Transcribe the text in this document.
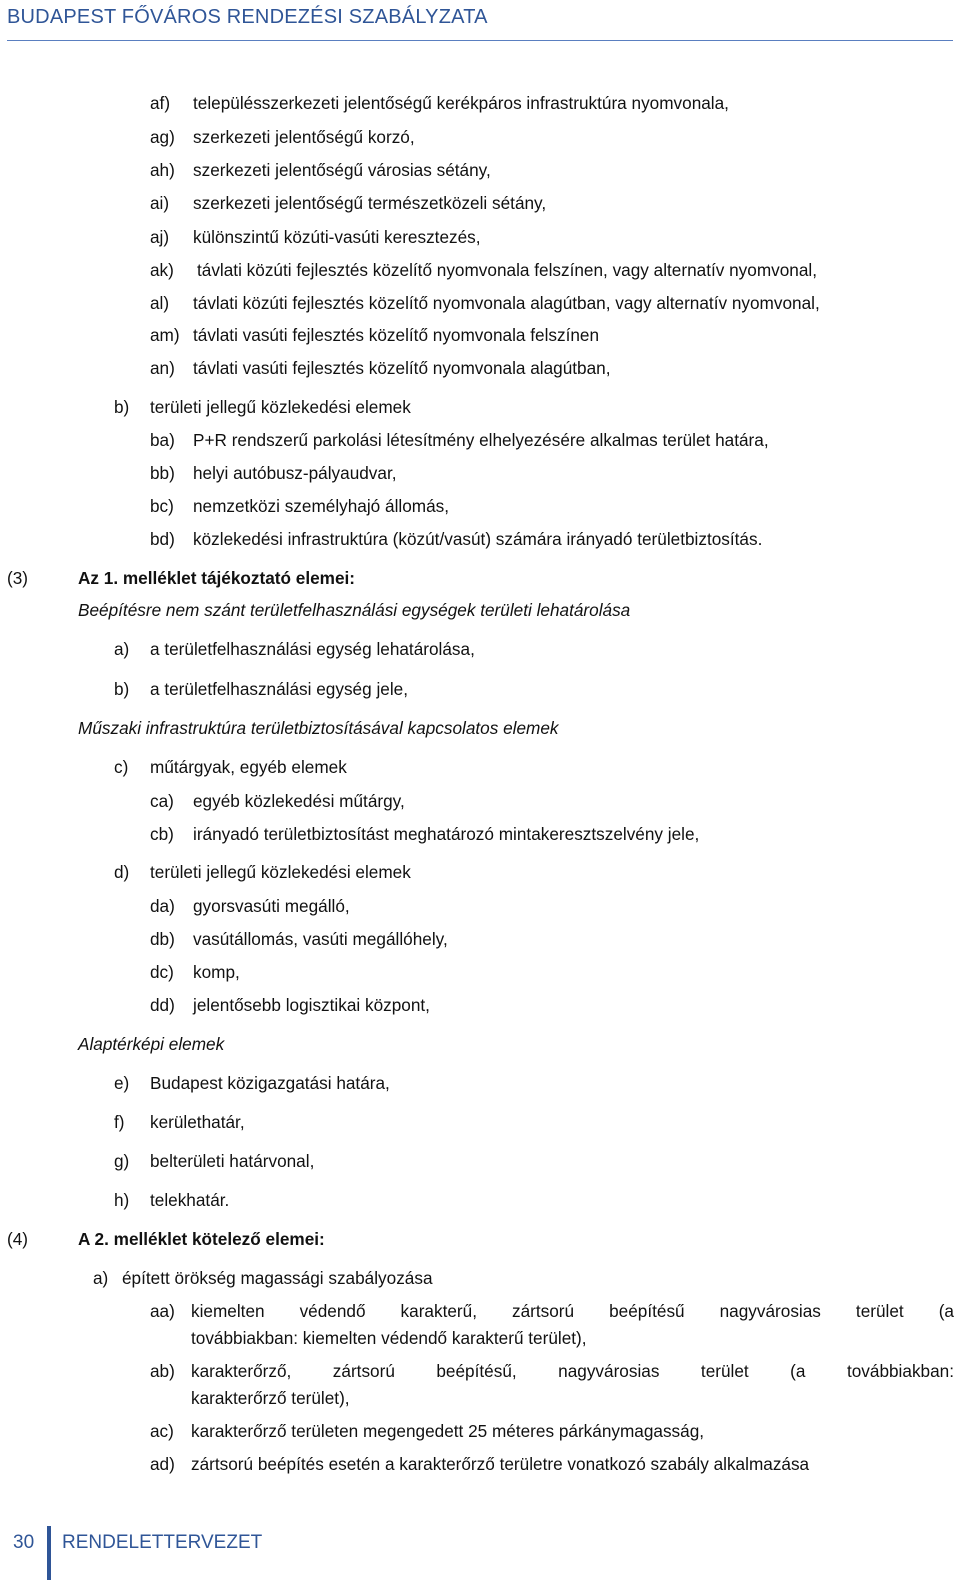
BUDAPEST FŐVÁROS RENDEZÉSI SZABÁLYZATA
af) településszerkezeti jelentőségű kerékpáros infrastruktúra nyomvonala,
ag) szerkezeti jelentőségű korzó,
ah) szerkezeti jelentőségű városias sétány,
ai) szerkezeti jelentőségű természetközeli sétány,
aj) különszintű közúti-vasúti keresztezés,
ak) távlati közúti fejlesztés közelítő nyomvonala felszínen, vagy alternatív nyomvonal,
al) távlati közúti fejlesztés közelítő nyomvonala alagútban, vagy alternatív nyomvonal,
am) távlati vasúti fejlesztés közelítő nyomvonala felszínen
an) távlati vasúti fejlesztés közelítő nyomvonala alagútban,
b) területi jellegű közlekedési elemek
ba) P+R rendszerű parkolási létesítmény elhelyezésére alkalmas terület határa,
bb) helyi autóbusz-pályaudvar,
bc) nemzetközi személyhajó állomás,
bd) közlekedési infrastruktúra (közút/vasút) számára irányadó területbiztosítás.
(3)	Az 1. melléklet tájékoztató elemei:
Beépítésre nem szánt területfelhasználási egységek területi lehatárolása
a) a területfelhasználási egység lehatárolása,
b) a területfelhasználási egység jele,
Műszaki infrastruktúra területbiztosításával kapcsolatos elemek
c) műtárgyak, egyéb elemek
ca) egyéb közlekedési műtárgy,
cb) irányadó területbiztosítást meghatározó mintakeresztszelvény jele,
d) területi jellegű közlekedési elemek
da) gyorsvasúti megálló,
db) vasútállomás, vasúti megállóhely,
dc) komp,
dd) jelentősebb logisztikai központ,
Alaptérképi elemek
e) Budapest közigazgatási határa,
f) kerülethatár,
g) belterületi határvonal,
h) telekhatár.
(4)	A 2. melléklet kötelező elemei:
a) épített örökség magassági szabályozása
aa) kiemelten védendő karakterű, zártsorú beépítésű nagyvárosias terület (a
továbbiakban: kiemelten védendő karakterű terület),
ab) karakterőrző, zártsorú beépítésű, nagyvárosias terület (a továbbiakban:
karakterőrző terület),
ac) karakterőrző területen megengedett 25 méteres párkánymagasság,
ad) zártsorú beépítés esetén a karakterőrző területre vonatkozó szabály alkalmazása
30 RENDELETTERVEZET
